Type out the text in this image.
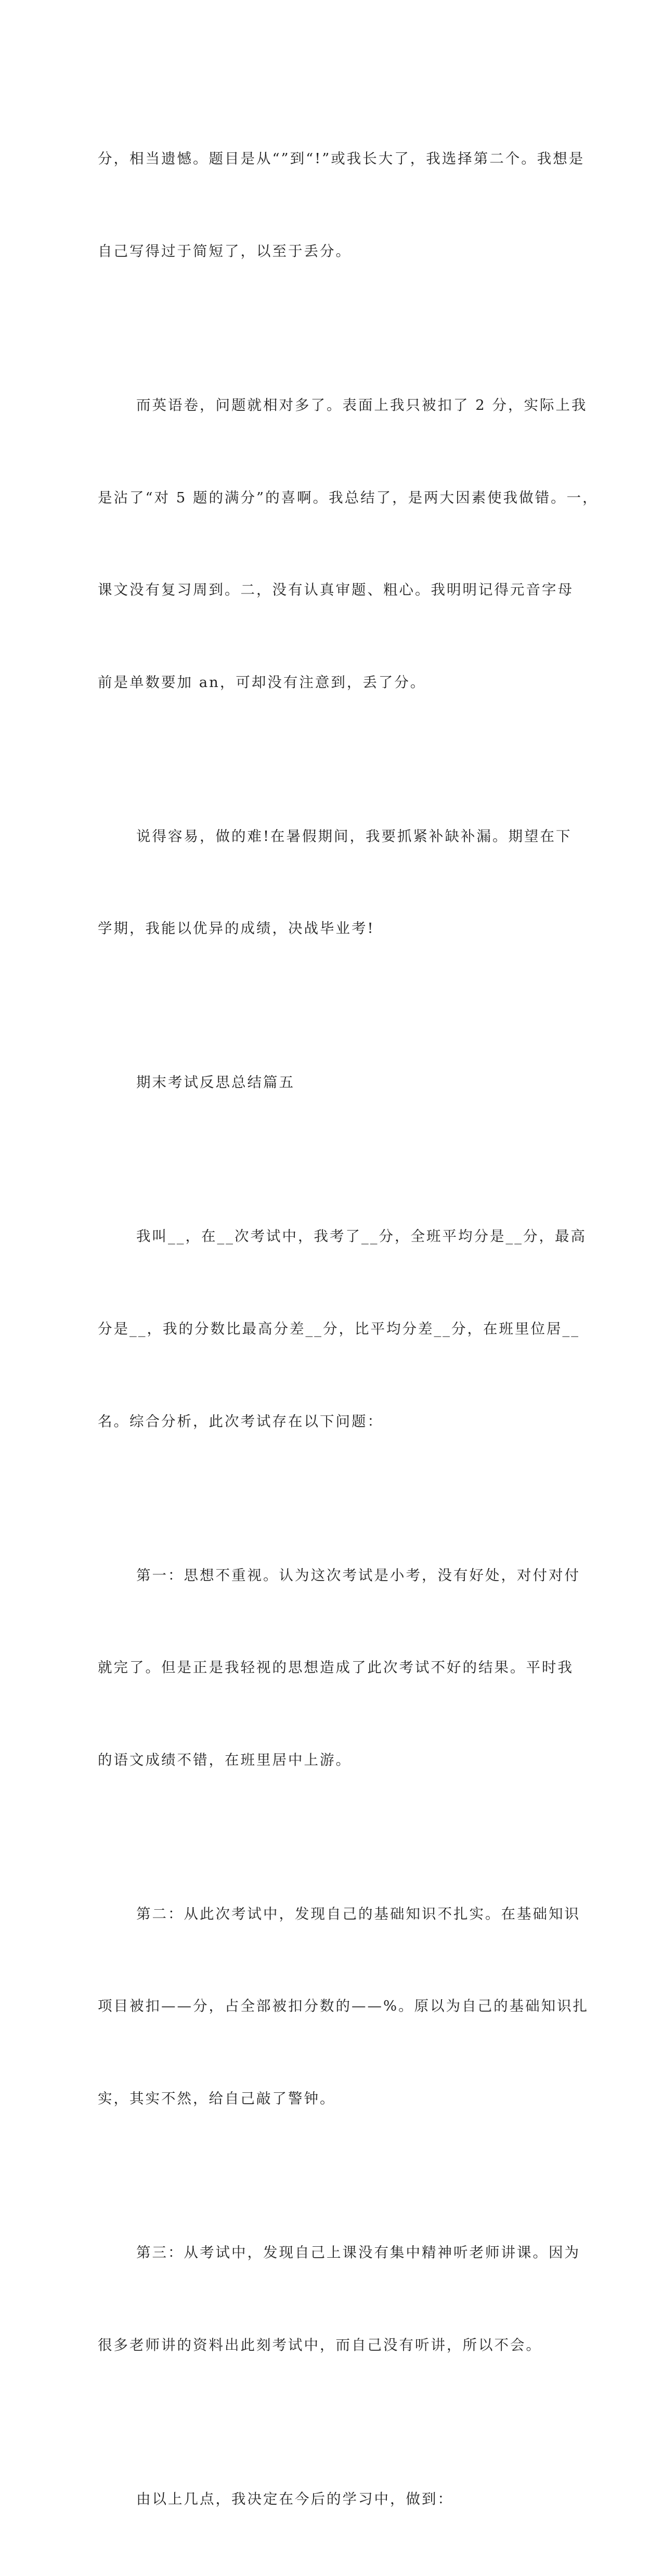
分，相当遗憾。题目是从“”到“!”或我长大了，我选择第二个。我想是

自己写得过于简短了，以至于丢分。

而英语卷，问题就相对多了。表面上我只被扣了 2 分，实际上我

是沾了“对 5 题的满分”的喜啊。我总结了，是两大因素使我做错。一，

课文没有复习周到。二，没有认真审题、粗心。我明明记得元音字母

前是单数要加 an，可却没有注意到，丢了分。

说得容易，做的难!在暑假期间，我要抓紧补缺补漏。期望在下

学期，我能以优异的成绩，决战毕业考!

期末考试反思总结篇五

我叫__，在__次考试中，我考了__分，全班平均分是__分，最高

分是__，我的分数比最高分差__分，比平均分差__分，在班里位居__

名。综合分析，此次考试存在以下问题：

第一：思想不重视。认为这次考试是小考，没有好处，对付对付

就完了。但是正是我轻视的思想造成了此次考试不好的结果。平时我

的语文成绩不错，在班里居中上游。

第二：从此次考试中，发现自己的基础知识不扎实。在基础知识

项目被扣——分，占全部被扣分数的——%。原以为自己的基础知识扎

实，其实不然，给自己敲了警钟。

第三：从考试中，发现自己上课没有集中精神听老师讲课。因为

很多老师讲的资料出此刻考试中，而自己没有听讲，所以不会。

由以上几点，我决定在今后的学习中，做到：
